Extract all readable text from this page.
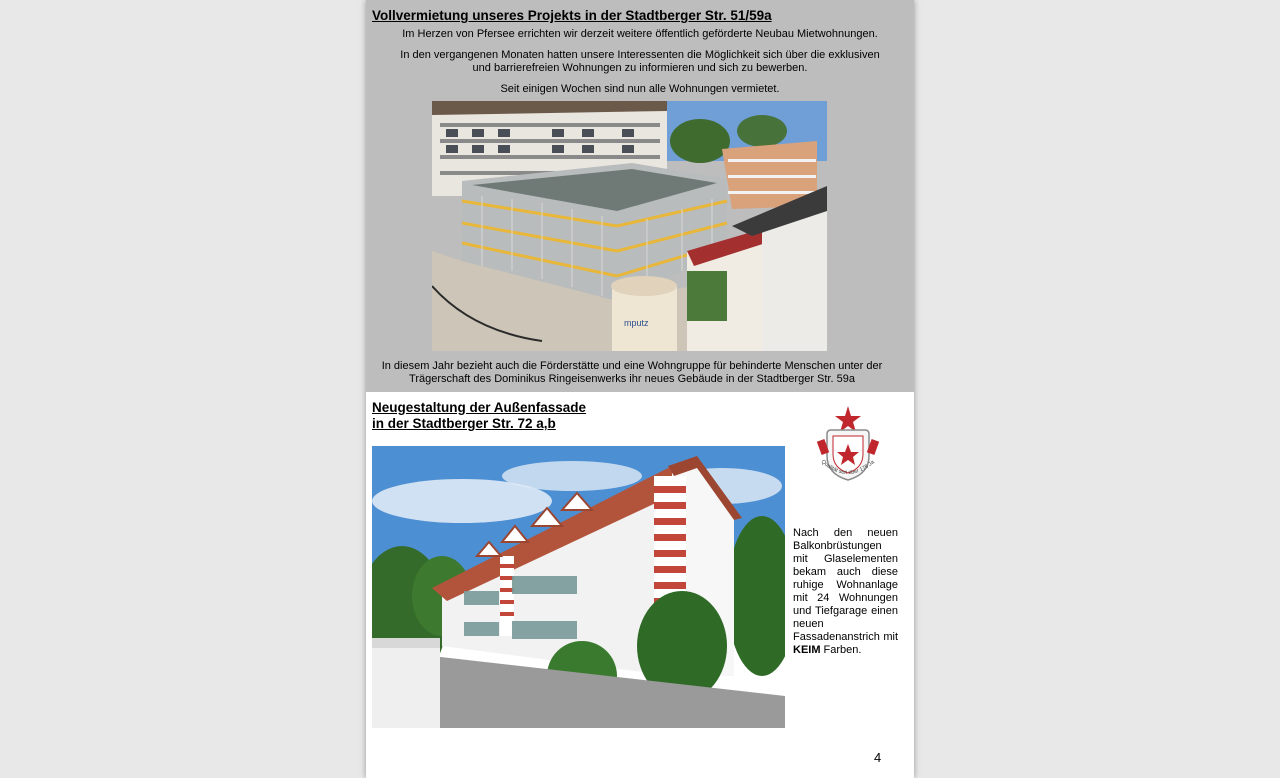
Vollvermietung unseres Projekts in der Stadtberger Str. 51/59a
Im Herzen von Pfersee errichten wir derzeit weitere öffentlich geförderte Neubau Mietwohnungen.
In den vergangenen Monaten hatten unsere Interessenten die Möglichkeit sich über die exklusiven
und barrierefreien Wohnungen zu informieren und sich zu bewerben.
Seit einigen Wochen sind nun alle Wohnungen vermietet.
mputz
In diesem Jahr bezieht auch die Förderstätte und eine Wohngruppe für behinderte Menschen unter der
Trägerschaft des Dominikus Ringeisenwerks ihr neues Gebäude in der Stadtberger Str. 59a
Neugestaltung der Außenfassade
in der Stadtberger Str. 72 a,b
Qualität seit über 175 Ja
Nach den neuen Balkonbrüstungen mit Glaselementen bekam auch diese ruhige Wohnanlage mit 24 Wohnungen und Tiefgarage einen neuen Fassadenanstrich mit KEIM Farben.
4
